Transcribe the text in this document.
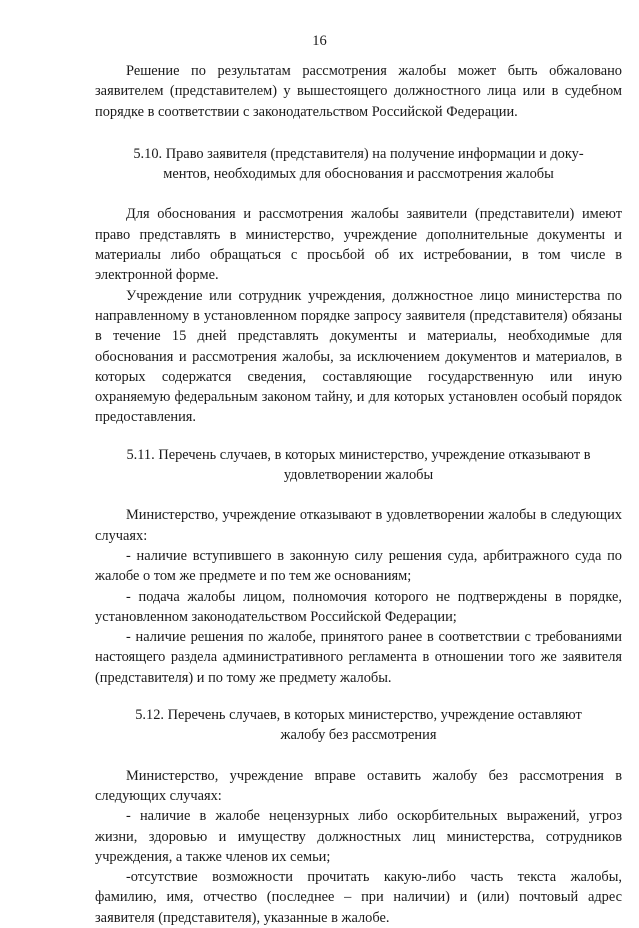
16

Решение по результатам рассмотрения жалобы может быть обжаловано заявителем (представителем) у вышестоящего должностного лица или в судебном порядке в соответствии с законодательством Российской Федерации.

5.10. Право заявителя (представителя) на получение информации и доку-
ментов, необходимых для обоснования и рассмотрения жалобы

Для обоснования и рассмотрения жалобы заявители (представители) имеют право представлять в министерство, учреждение дополнительные документы и материалы либо обращаться с просьбой об их истребовании, в том числе в электронной форме.

Учреждение или сотрудник учреждения, должностное лицо министерства по направленному в установленном порядке запросу заявителя (представителя) обязаны в течение 15 дней представлять документы и материалы, необходимые для обоснования и рассмотрения жалобы, за исключением документов и материалов, в которых содержатся сведения, составляющие государственную или иную охраняемую федеральным законом тайну, и для которых установлен особый порядок предоставления.

5.11. Перечень случаев, в которых министерство, учреждение отказывают в
удовлетворении жалобы

Министерство, учреждение отказывают в удовлетворении жалобы в следующих случаях:

- наличие вступившего в законную силу решения суда, арбитражного суда по жалобе о том же предмете и по тем же основаниям;

- подача жалобы лицом, полномочия которого не подтверждены в порядке, установленном законодательством Российской Федерации;

- наличие решения по жалобе, принятого ранее в соответствии с требованиями настоящего раздела административного регламента в отношении того же заявителя (представителя) и по тому же предмету жалобы.

5.12. Перечень случаев, в которых министерство, учреждение оставляют
жалобу без рассмотрения

Министерство, учреждение вправе оставить жалобу без рассмотрения в следующих случаях:

- наличие в жалобе нецензурных либо оскорбительных выражений, угроз жизни, здоровью и имуществу должностных лиц министерства, сотрудников учреждения, а также членов их семьи;

-отсутствие возможности прочитать какую-либо часть текста жалобы, фамилию, имя, отчество (последнее – при наличии) и (или) почтовый адрес заявителя (представителя), указанные в жалобе.
